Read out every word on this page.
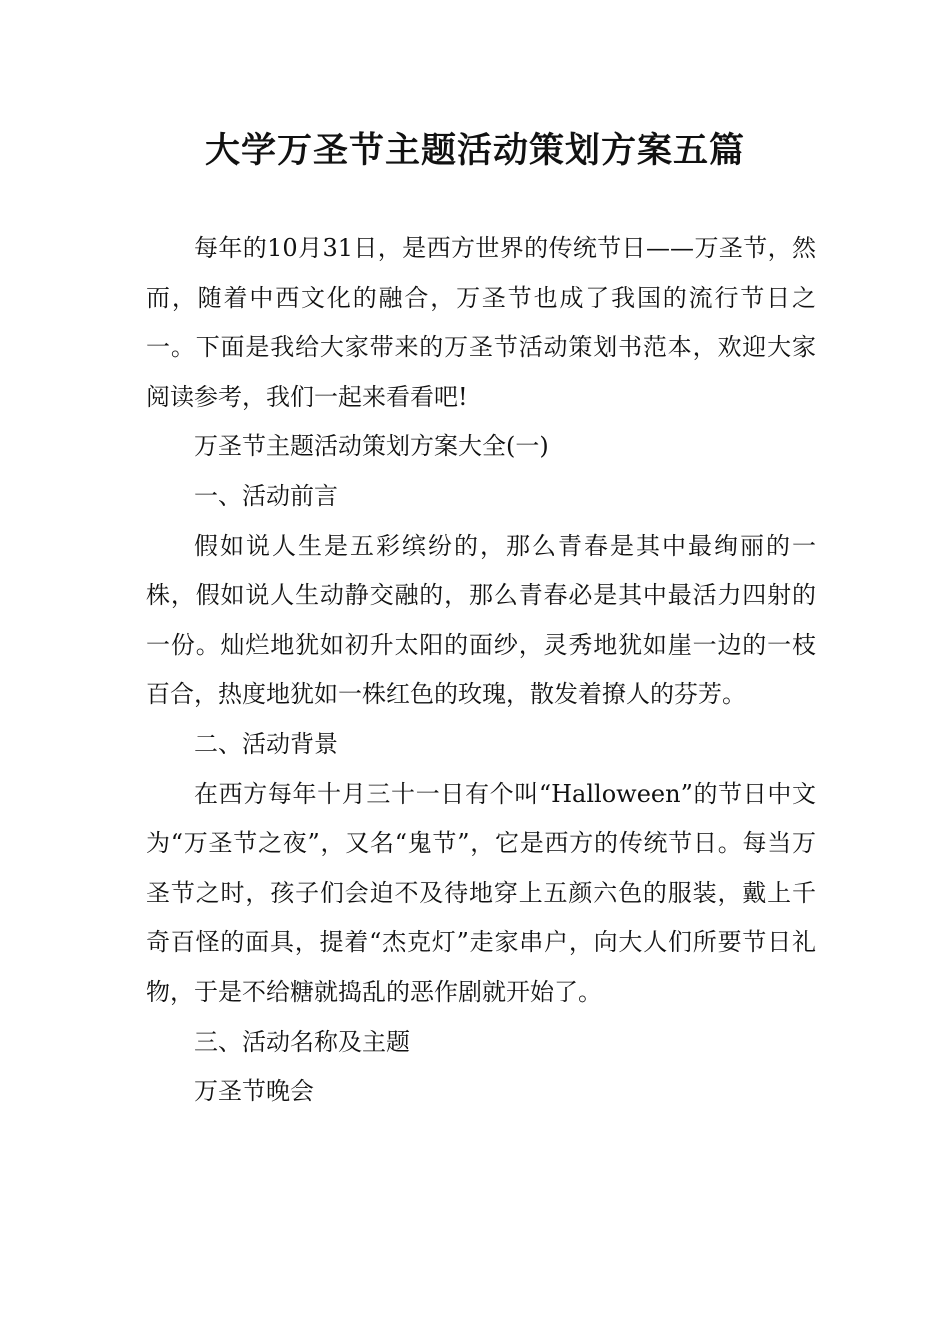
大学万圣节主题活动策划方案五篇

每年的10月31日，是西方世界的传统节日——万圣节，然而，随着中西文化的融合，万圣节也成了我国的流行节日之一。下面是我给大家带来的万圣节活动策划书范本，欢迎大家阅读参考，我们一起来看看吧!

万圣节主题活动策划方案大全(一)

一、活动前言

假如说人生是五彩缤纷的，那么青春是其中最绚丽的一株，假如说人生动静交融的，那么青春必是其中最活力四射的一份。灿烂地犹如初升太阳的面纱，灵秀地犹如崖一边的一枝百合，热度地犹如一株红色的玫瑰，散发着撩人的芬芳。

二、活动背景

在西方每年十月三十一日有个叫“Halloween”的节日中文为“万圣节之夜”，又名“鬼节”，它是西方的传统节日。每当万圣节之时，孩子们会迫不及待地穿上五颜六色的服装，戴上千奇百怪的面具，提着“杰克灯”走家串户，向大人们所要节日礼物，于是不给糖就捣乱的恶作剧就开始了。

三、活动名称及主题

万圣节晚会
